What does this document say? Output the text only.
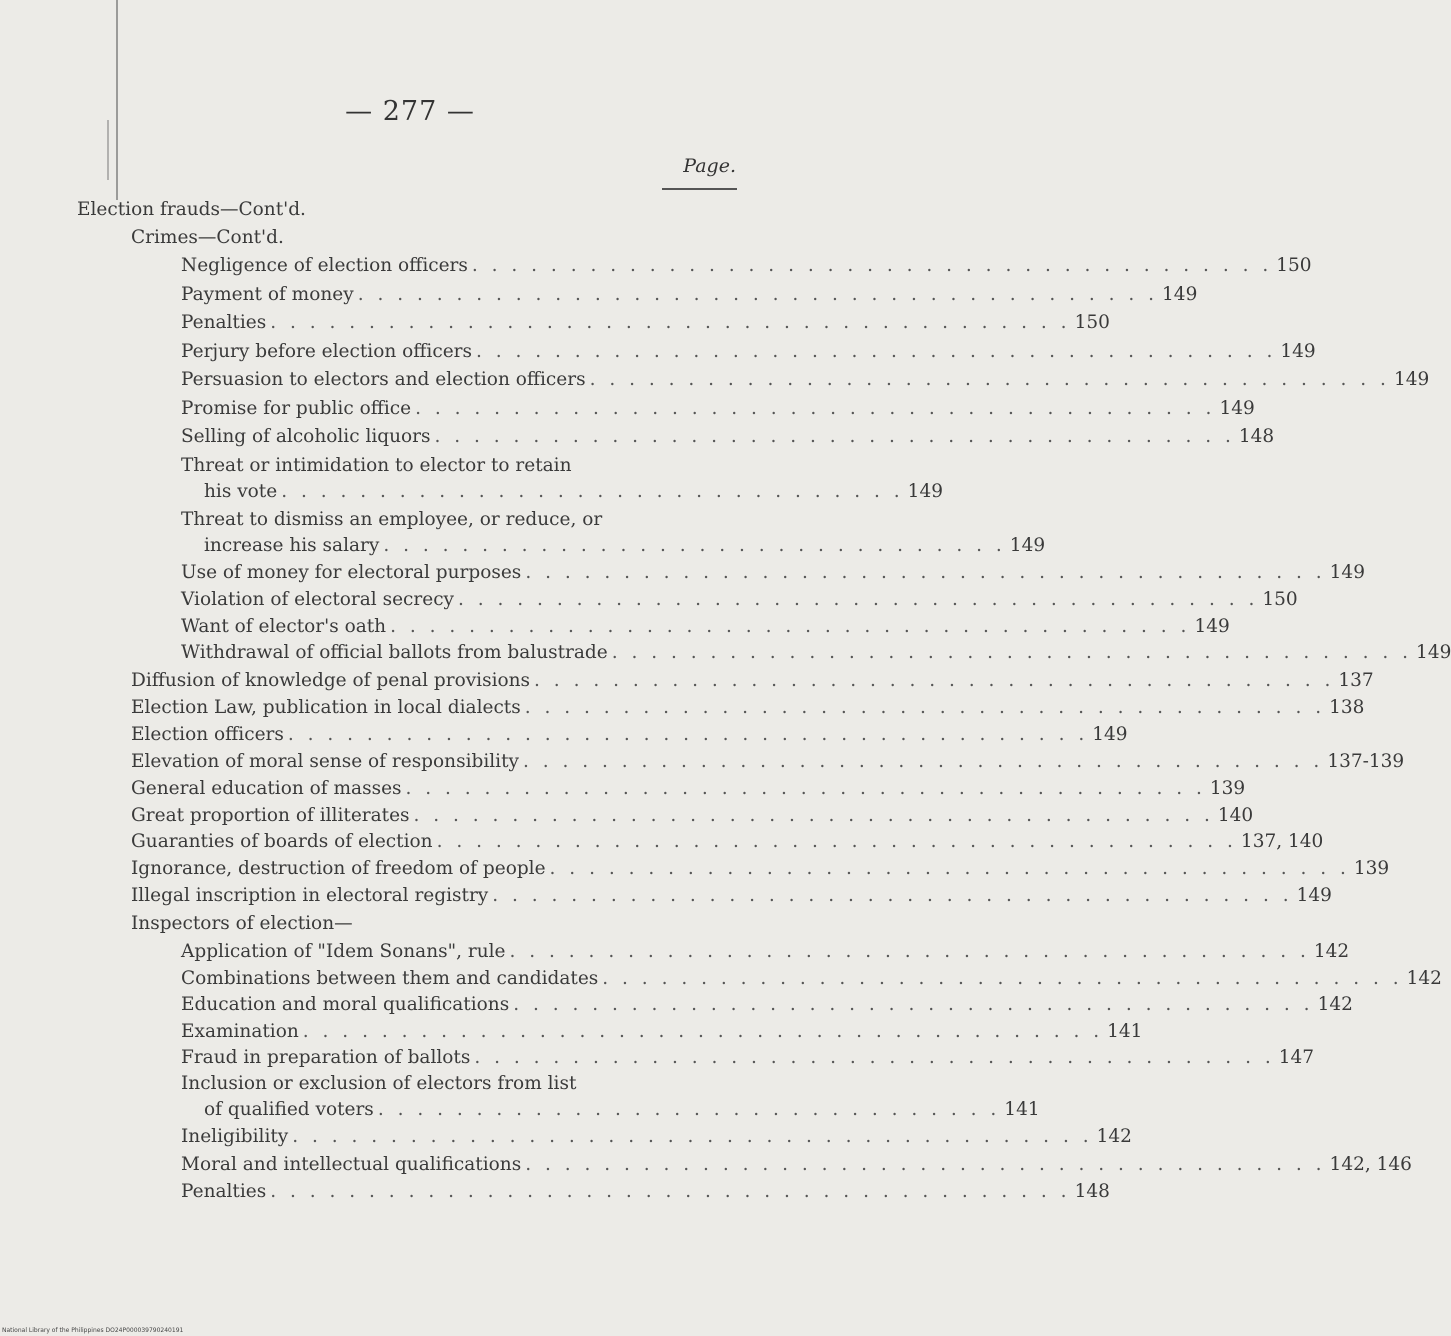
— 277 —
Page.
Election frauds—Cont'd.
Crimes—Cont'd.
Negligence of election officers . . . . . . . . . . . . . . . . . . . . . . . . . . . . . . . . . . . . . . . . . 150
Payment of money . . . . . . . . . . . . . . . . . . . . . . . . . . . . . . . . . . . . . . . . . 149
Penalties . . . . . . . . . . . . . . . . . . . . . . . . . . . . . . . . . . . . . . . . . 150
Perjury before election officers . . . . . . . . . . . . . . . . . . . . . . . . . . . . . . . . . . . . . . . . . 149
Persuasion to electors and election officers . . . . . . . . . . . . . . . . . . . . . . . . . . . . . . . . . . . . . . . . . 149
Promise for public office . . . . . . . . . . . . . . . . . . . . . . . . . . . . . . . . . . . . . . . . . 149
Selling of alcoholic liquors . . . . . . . . . . . . . . . . . . . . . . . . . . . . . . . . . . . . . . . . . 148
Threat or intimidation to elector to retain
his vote . . . . . . . . . . . . . . . . . . . . . . . . . . . . . . . . 149
Threat to dismiss an employee, or reduce, or
increase his salary . . . . . . . . . . . . . . . . . . . . . . . . . . . . . . . . 149
Use of money for electoral purposes . . . . . . . . . . . . . . . . . . . . . . . . . . . . . . . . . . . . . . . . . 149
Violation of electoral secrecy . . . . . . . . . . . . . . . . . . . . . . . . . . . . . . . . . . . . . . . . . 150
Want of elector's oath . . . . . . . . . . . . . . . . . . . . . . . . . . . . . . . . . . . . . . . . . 149
Withdrawal of official ballots from balustrade . . . . . . . . . . . . . . . . . . . . . . . . . . . . . . . . . . . . . . . . . 149
Diffusion of knowledge of penal provisions . . . . . . . . . . . . . . . . . . . . . . . . . . . . . . . . . . . . . . . . . 137
Election Law, publication in local dialects . . . . . . . . . . . . . . . . . . . . . . . . . . . . . . . . . . . . . . . . . 138
Election officers . . . . . . . . . . . . . . . . . . . . . . . . . . . . . . . . . . . . . . . . . 149
Elevation of moral sense of responsibility . . . . . . . . . . . . . . . . . . . . . . . . . . . . . . . . . . . . . . . . . 137-139
General education of masses . . . . . . . . . . . . . . . . . . . . . . . . . . . . . . . . . . . . . . . . . 139
Great proportion of illiterates . . . . . . . . . . . . . . . . . . . . . . . . . . . . . . . . . . . . . . . . . 140
Guaranties of boards of election . . . . . . . . . . . . . . . . . . . . . . . . . . . . . . . . . . . . . . . . . 137, 140
Ignorance, destruction of freedom of people . . . . . . . . . . . . . . . . . . . . . . . . . . . . . . . . . . . . . . . . . 139
Illegal inscription in electoral registry . . . . . . . . . . . . . . . . . . . . . . . . . . . . . . . . . . . . . . . . . 149
Inspectors of election—
Application of "Idem Sonans", rule . . . . . . . . . . . . . . . . . . . . . . . . . . . . . . . . . . . . . . . . . 142
Combinations between them and candidates . . . . . . . . . . . . . . . . . . . . . . . . . . . . . . . . . . . . . . . . . 142
Education and moral qualifications . . . . . . . . . . . . . . . . . . . . . . . . . . . . . . . . . . . . . . . . . 142
Examination . . . . . . . . . . . . . . . . . . . . . . . . . . . . . . . . . . . . . . . . . 141
Fraud in preparation of ballots . . . . . . . . . . . . . . . . . . . . . . . . . . . . . . . . . . . . . . . . . 147
Inclusion or exclusion of electors from list
of qualified voters . . . . . . . . . . . . . . . . . . . . . . . . . . . . . . . . 141
Ineligibility . . . . . . . . . . . . . . . . . . . . . . . . . . . . . . . . . . . . . . . . . 142
Moral and intellectual qualifications . . . . . . . . . . . . . . . . . . . . . . . . . . . . . . . . . . . . . . . . . 142, 146
Penalties . . . . . . . . . . . . . . . . . . . . . . . . . . . . . . . . . . . . . . . . . 148
National Library of the Philippines DO24P000039790240191
